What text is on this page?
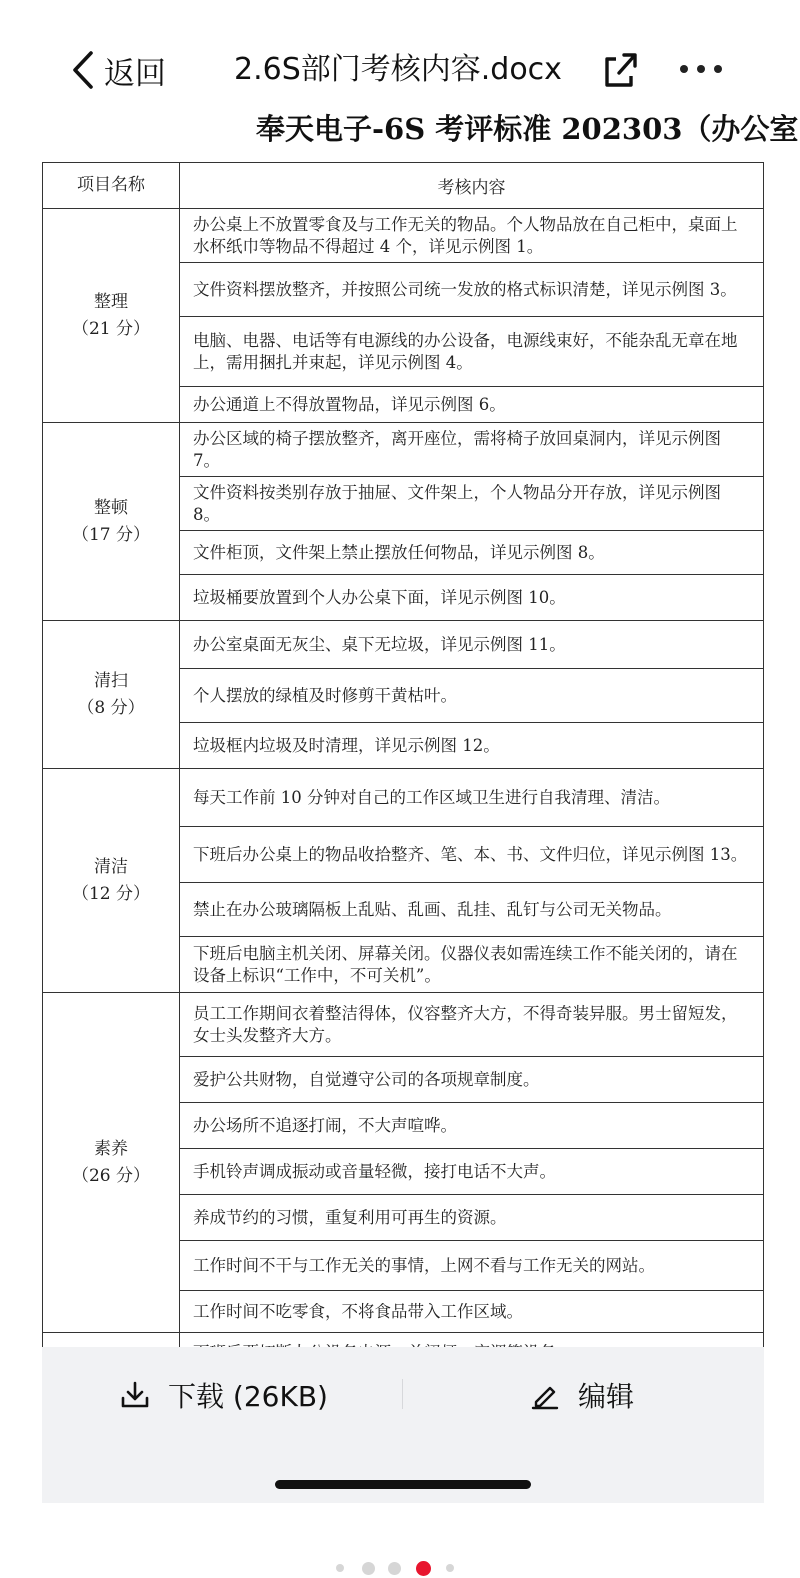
返回 2.6S部门考核内容.docx
奉天电子-6S 考评标准 202303（办公室
项目名称	考核内容

整理
（21 分）	办公桌上不放置零食及与工作无关的物品。个人物品放在自己柜中，桌面上水杯纸巾等物品不得超过 4 个，详见示例图 1。
	文件资料摆放整齐，并按照公司统一发放的格式标识清楚，详见示例图 3。
	电脑、电器、电话等有电源线的办公设备，电源线束好，不能杂乱无章在地上，需用捆扎并束起，详见示例图 4。
	办公通道上不得放置物品，详见示例图 6。

整顿
（17 分）	办公区域的椅子摆放整齐，离开座位，需将椅子放回桌洞内，详见示例图 7。
	文件资料按类别存放于抽屉、文件架上，个人物品分开存放，详见示例图 8。
	文件柜顶，文件架上禁止摆放任何物品，详见示例图 8。
	垃圾桶要放置到个人办公桌下面，详见示例图 10。

清扫
（8 分）	办公室桌面无灰尘、桌下无垃圾，详见示例图 11。
	个人摆放的绿植及时修剪干黄枯叶。
	垃圾框内垃圾及时清理，详见示例图 12。

清洁
（12 分）	每天工作前 10 分钟对自己的工作区域卫生进行自我清理、清洁。
	下班后办公桌上的物品收拾整齐、笔、本、书、文件归位，详见示例图 13。
	禁止在办公玻璃隔板上乱贴、乱画、乱挂、乱钉与公司无关物品。
	下班后电脑主机关闭、屏幕关闭。仪器仪表如需连续工作不能关闭的，请在设备上标识“工作中，不可关机”。

素养
（26 分）	员工工作期间衣着整洁得体，仪容整齐大方，不得奇装异服。男士留短发，女士头发整齐大方。
	爱护公共财物，自觉遵守公司的各项规章制度。
	办公场所不追逐打闹，不大声喧哗。
	手机铃声调成振动或音量轻微，接打电话不大声。
	养成节约的习惯，重复利用可再生的资源。
	工作时间不干与工作无关的事情，上网不看与工作无关的网站。
	工作时间不吃零食，不将食品带入工作区域。

下载 (26KB)	编辑
